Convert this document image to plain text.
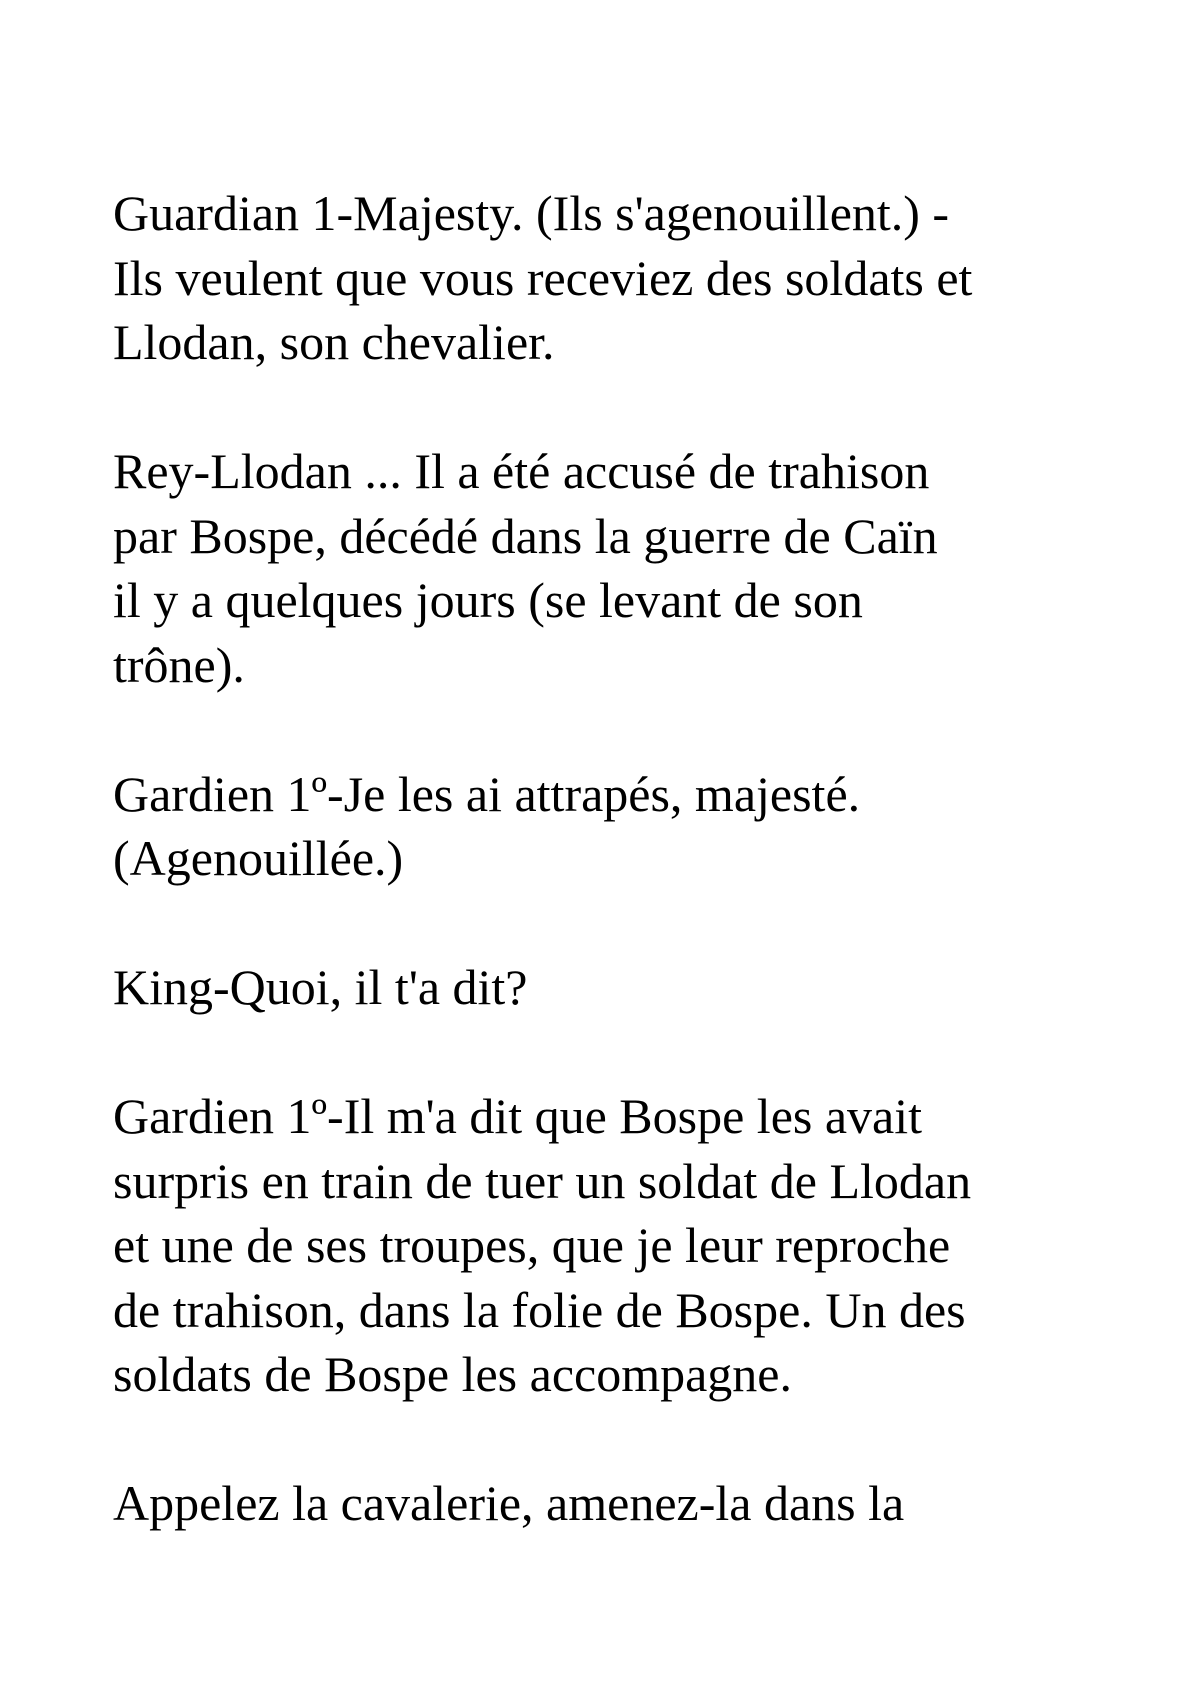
Guardian 1-Majesty. (Ils s'agenouillent.) -
Ils veulent que vous receviez des soldats et
Llodan, son chevalier.

Rey-Llodan ... Il a été accusé de trahison
par Bospe, décédé dans la guerre de Caïn
il y a quelques jours (se levant de son
trône).

Gardien 1º-Je les ai attrapés, majesté.
(Agenouillée.)

King-Quoi, il t'a dit?

Gardien 1º-Il m'a dit que Bospe les avait
surpris en train de tuer un soldat de Llodan
et une de ses troupes, que je leur reproche
de trahison, dans la folie de Bospe. Un des
soldats de Bospe les accompagne.

Appelez la cavalerie, amenez-la dans la
